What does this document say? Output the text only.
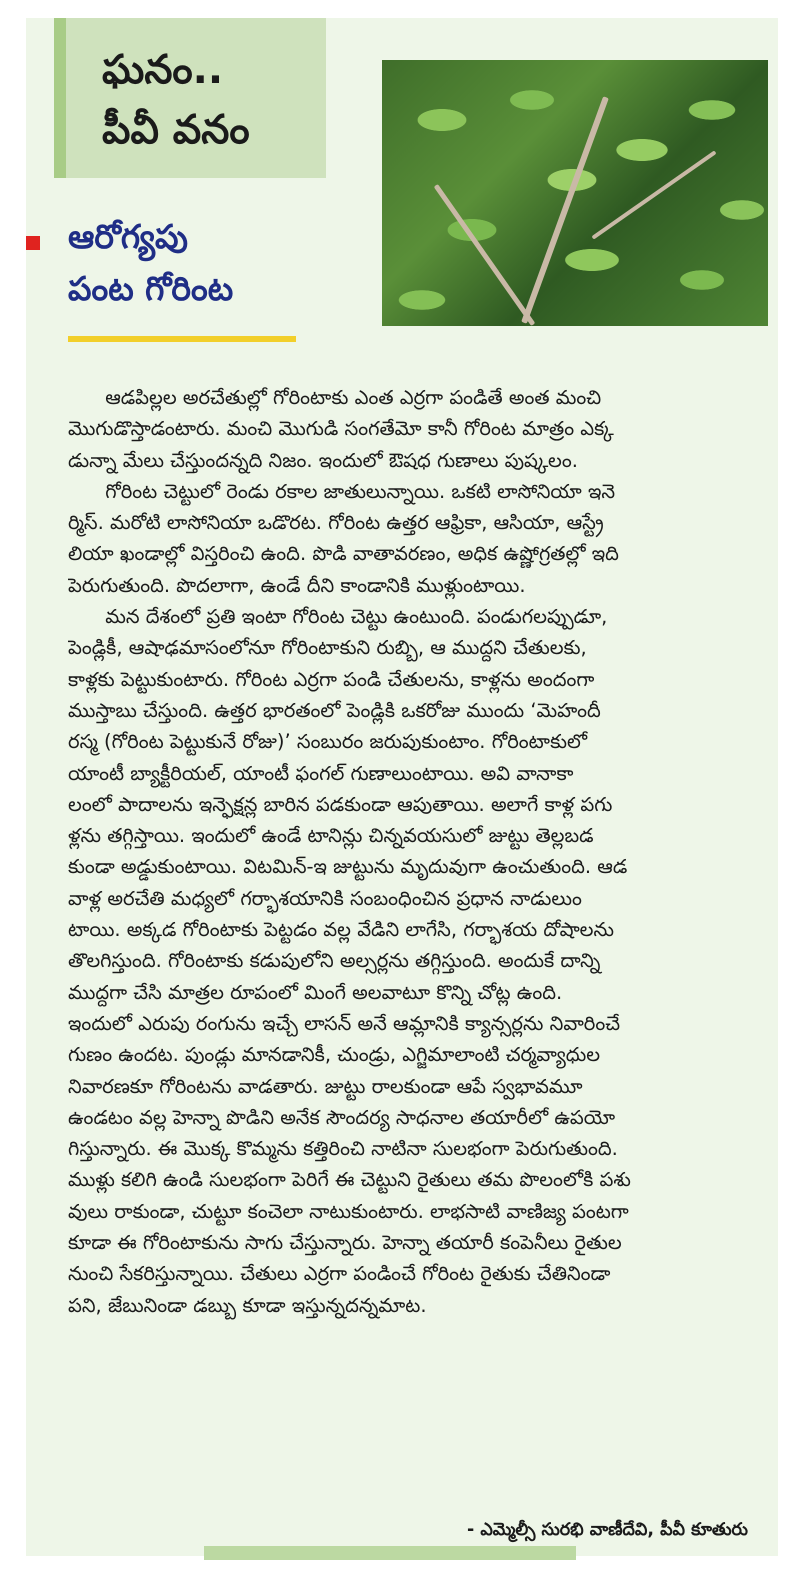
ఘనం..
పీవీ వనం
ఆరోగ్యపు
పంట గోరింట
ఆడపిల్లల అరచేతుల్లో గోరింటాకు ఎంత ఎర్రగా పండితే అంత మంచి
మొగుడొస్తాడంటారు. మంచి మొగుడి సంగతేమో కానీ గోరింట మాత్రం ఎక్క
డున్నా మేలు చేస్తుందన్నది నిజం. ఇందులో ఔషధ గుణాలు పుష్కలం.
గోరింట చెట్టులో రెండు రకాల జాతులున్నాయి. ఒకటి లాసోనియా ఇనె
ర్మిస్. మరోటి లాసోనియా ఒడొరట. గోరింట ఉత్తర ఆఫ్రికా, ఆసియా, ఆస్ట్రే
లియా ఖండాల్లో విస్తరించి ఉంది. పొడి వాతావరణం, అధిక ఉష్ణోగ్రతల్లో ఇది
పెరుగుతుంది. పొదలాగా, ఉండే దీని కాండానికి ముళ్లుంటాయి.
మన దేశంలో ప్రతి ఇంటా గోరింట చెట్టు ఉంటుంది. పండుగలప్పుడూ,
పెండ్లికీ, ఆషాఢమాసంలోనూ గోరింటాకుని రుబ్బి, ఆ ముద్దని చేతులకు,
కాళ్లకు పెట్టుకుంటారు. గోరింట ఎర్రగా పండి చేతులను, కాళ్లను అందంగా
ముస్తాబు చేస్తుంది. ఉత్తర భారతంలో పెండ్లికి ఒకరోజు ముందు ‘మెహందీ
రస్మ (గోరింట పెట్టుకునే రోజు)’ సంబురం జరుపుకుంటాం. గోరింటాకులో
యాంటీ బ్యాక్టీరియల్, యాంటీ ఫంగల్ గుణాలుంటాయి. అవి వానాకా
లంలో పాదాలను ఇన్ఫెక్షన్ల బారిన పడకుండా ఆపుతాయి. అలాగే కాళ్ల పగు
ళ్లను తగ్గిస్తాయి. ఇందులో ఉండే టానిన్లు చిన్నవయసులో జుట్టు తెల్లబడ
కుండా అడ్డుకుంటాయి. విటమిన్-ఇ జుట్టును మృదువుగా ఉంచుతుంది. ఆడ
వాళ్ల అరచేతి మధ్యలో గర్భాశయానికి సంబంధించిన ప్రధాన నాడులుం
టాయి. అక్కడ గోరింటాకు పెట్టడం వల్ల వేడిని లాగేసి, గర్భాశయ దోషాలను
తొలగిస్తుంది. గోరింటాకు కడుపులోని అల్సర్లను తగ్గిస్తుంది. అందుకే దాన్ని
ముద్దగా చేసి మాత్రల రూపంలో మింగే అలవాటూ కొన్ని చోట్ల ఉంది.
ఇందులో ఎరుపు రంగును ఇచ్చే లాసన్ అనే ఆమ్లానికి క్యాన్సర్లను నివారించే
గుణం ఉందట. పుండ్లు మానడానికీ, చుండ్రు, ఎగ్జిమాలాంటి చర్మవ్యాధుల
నివారణకూ గోరింటను వాడతారు. జుట్టు రాలకుండా ఆపే స్వభావమూ
ఉండటం వల్ల హెన్నా పొడిని అనేక సౌందర్య సాధనాల తయారీలో ఉపయో
గిస్తున్నారు. ఈ మొక్క కొమ్మను కత్తిరించి నాటినా సులభంగా పెరుగుతుంది.
ముళ్లు కలిగి ఉండి సులభంగా పెరిగే ఈ చెట్టుని రైతులు తమ పొలంలోకి పశు
వులు రాకుండా, చుట్టూ కంచెలా నాటుకుంటారు. లాభసాటి వాణిజ్య పంటగా
కూడా ఈ గోరింటాకును సాగు చేస్తున్నారు. హెన్నా తయారీ కంపెనీలు రైతుల
నుంచి సేకరిస్తున్నాయి. చేతులు ఎర్రగా పండించే గోరింట రైతుకు చేతినిండా
పని, జేబునిండా డబ్బు కూడా ఇస్తున్నదన్నమాట.
- ఎమ్మెల్సీ సురభి వాణీదేవి, పీవీ కూతురు
